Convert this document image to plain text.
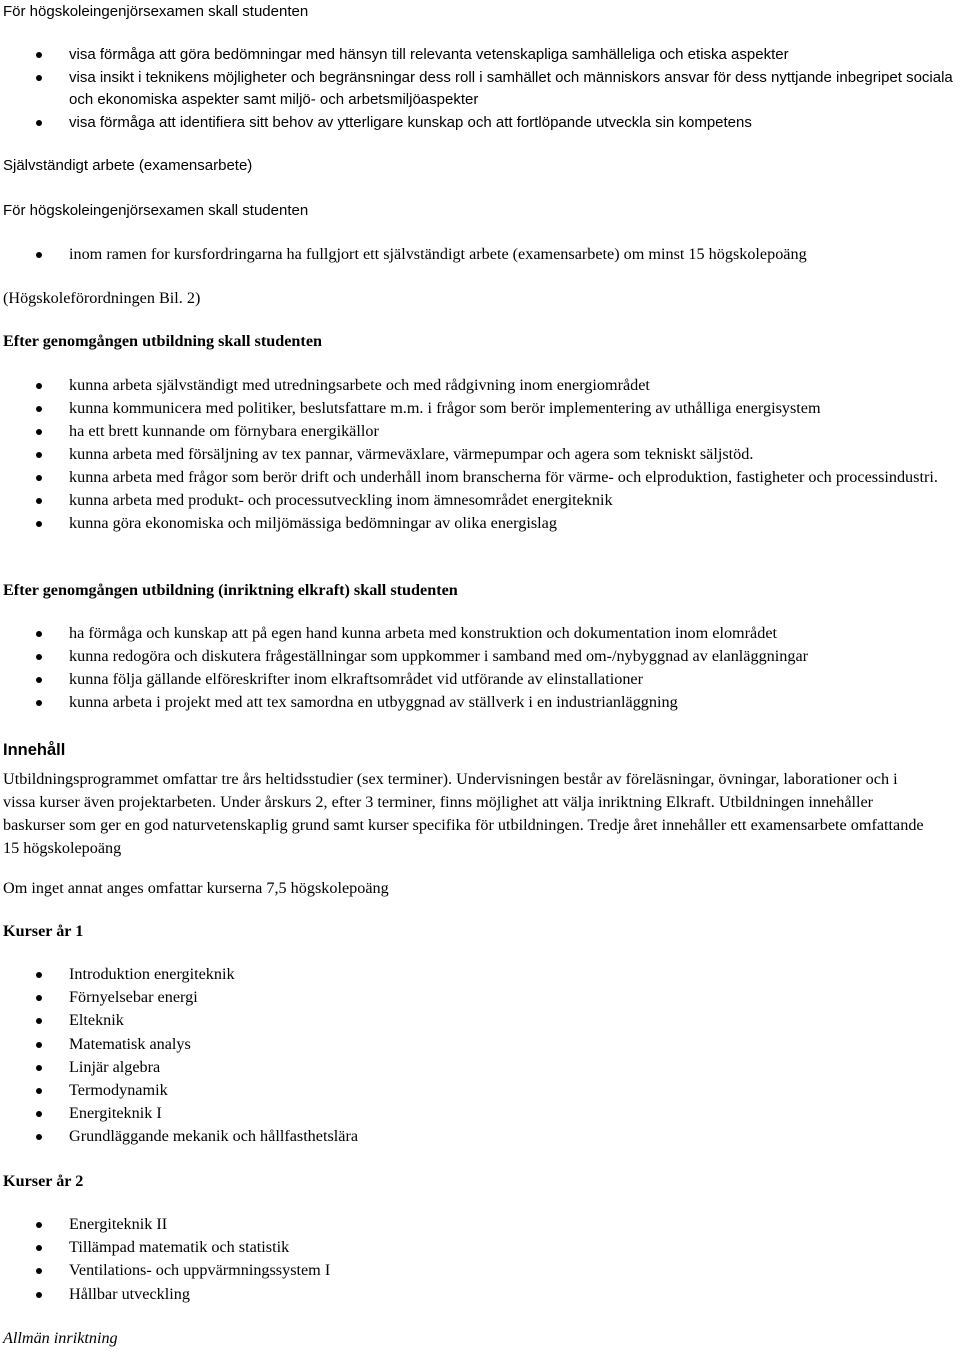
För högskoleingenjörsexamen skall studenten

visa förmåga att göra bedömningar med hänsyn till relevanta vetenskapliga samhälleliga och etiska aspekter
visa insikt i teknikens möjligheter och begränsningar dess roll i samhället och människors ansvar för dess nyttjande inbegripet sociala och ekonomiska aspekter samt miljö- och arbetsmiljöaspekter
visa förmåga att identifiera sitt behov av ytterligare kunskap och att fortlöpande utveckla sin kompetens

Självständigt arbete (examensarbete)

För högskoleingenjörsexamen skall studenten

inom ramen for kursfordringarna ha fullgjort ett självständigt arbete (examensarbete) om minst 15 högskolepoäng

(Högskoleförordningen Bil. 2)

Efter genomgången utbildning skall studenten

kunna arbeta självständigt med utredningsarbete och med rådgivning inom energiområdet
kunna kommunicera med politiker, beslutsfattare m.m. i frågor som berör implementering av uthålliga energisystem
ha ett brett kunnande om förnybara energikällor
kunna arbeta med försäljning av tex pannar, värmeväxlare, värmepumpar och agera som tekniskt säljstöd.
kunna arbeta med frågor som berör drift och underhåll inom branscherna för värme- och elproduktion, fastigheter och processindustri.
kunna arbeta med produkt- och processutveckling inom ämnesområdet energiteknik
kunna göra ekonomiska och miljömässiga bedömningar av olika energislag

Efter genomgången utbildning (inriktning elkraft) skall studenten

ha förmåga och kunskap att på egen hand kunna arbeta med konstruktion och dokumentation inom elområdet
kunna redogöra och diskutera frågeställningar som uppkommer i samband med om-/nybyggnad av elanläggningar
kunna följa gällande elföreskrifter inom elkraftsområdet vid utförande av elinstallationer
kunna arbeta i projekt med att tex samordna en utbyggnad av ställverk i en industrianläggning

Innehåll

Utbildningsprogrammet omfattar tre års heltidsstudier (sex terminer). Undervisningen består av föreläsningar, övningar, laborationer och i vissa kurser även projektarbeten. Under årskurs 2, efter 3 terminer, finns möjlighet att välja inriktning Elkraft. Utbildningen innehåller baskurser som ger en god naturvetenskaplig grund samt kurser specifika för utbildningen. Tredje året innehåller ett examensarbete omfattande 15 högskolepoäng

Om inget annat anges omfattar kurserna 7,5 högskolepoäng

Kurser år 1

Introduktion energiteknik
Förnyelsebar energi
Elteknik
Matematisk analys
Linjär algebra
Termodynamik
Energiteknik I
Grundläggande mekanik och hållfasthetslära

Kurser år 2

Energiteknik II
Tillämpad matematik och statistik
Ventilations- och uppvärmningssystem I
Hållbar utveckling

Allmän inriktning
